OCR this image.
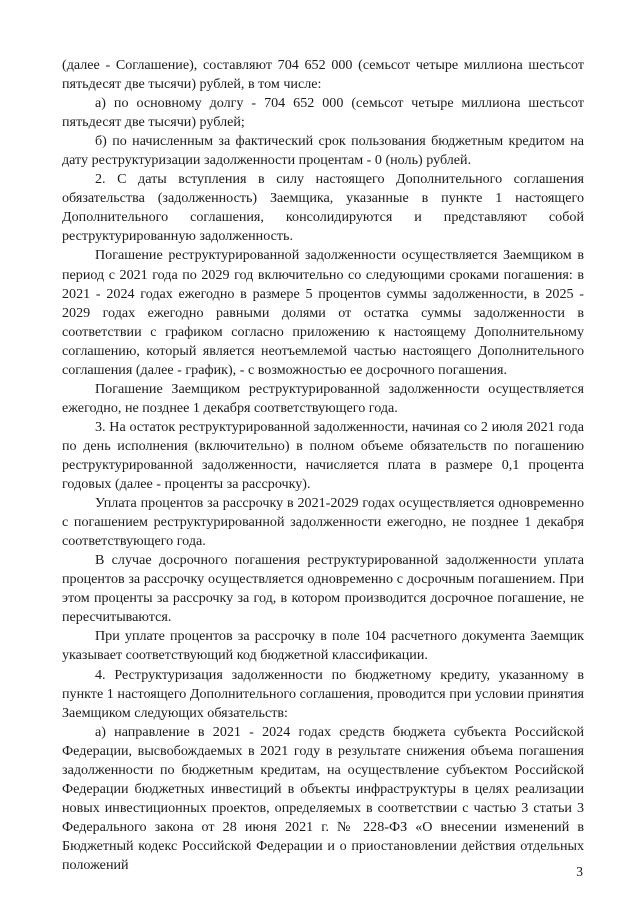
(далее - Соглашение), составляют 704 652 000 (семьсот четыре миллиона шестьсот пятьдесят две тысячи) рублей, в том числе:

а) по основному долгу - 704 652 000 (семьсот четыре миллиона шестьсот пятьдесят две тысячи) рублей;

б) по начисленным за фактический срок пользования бюджетным кредитом на дату реструктуризации задолженности процентам - 0 (ноль) рублей.

2. С даты вступления в силу настоящего Дополнительного соглашения обязательства (задолженность) Заемщика, указанные в пункте 1 настоящего Дополнительного соглашения, консолидируются и представляют собой реструктурированную задолженность.

Погашение реструктурированной задолженности осуществляется Заемщиком в период с 2021 года по 2029 год включительно со следующими сроками погашения: в 2021 - 2024 годах ежегодно в размере 5 процентов суммы задолженности, в 2025 - 2029 годах ежегодно равными долями от остатка суммы задолженности в соответствии с графиком согласно приложению к настоящему Дополнительному соглашению, который является неотъемлемой частью настоящего Дополнительного соглашения (далее - график), - с возможностью ее досрочного погашения.

Погашение Заемщиком реструктурированной задолженности осуществляется ежегодно, не позднее 1 декабря соответствующего года.

3. На остаток реструктурированной задолженности, начиная со 2 июля 2021 года по день исполнения (включительно) в полном объеме обязательств по погашению реструктурированной задолженности, начисляется плата в размере 0,1 процента годовых (далее - проценты за рассрочку).

Уплата процентов за рассрочку в 2021-2029 годах осуществляется одновременно с погашением реструктурированной задолженности ежегодно, не позднее 1 декабря соответствующего года.

В случае досрочного погашения реструктурированной задолженности уплата процентов за рассрочку осуществляется одновременно с досрочным погашением. При этом проценты за рассрочку за год, в котором производится досрочное погашение, не пересчитываются.

При уплате процентов за рассрочку в поле 104 расчетного документа Заемщик указывает соответствующий код бюджетной классификации.

4. Реструктуризация задолженности по бюджетному кредиту, указанному в пункте 1 настоящего Дополнительного соглашения, проводится при условии принятия Заемщиком следующих обязательств:

а) направление в 2021 - 2024 годах средств бюджета субъекта Российской Федерации, высвобождаемых в 2021 году в результате снижения объема погашения задолженности по бюджетным кредитам, на осуществление субъектом Российской Федерации бюджетных инвестиций в объекты инфраструктуры в целях реализации новых инвестиционных проектов, определяемых в соответствии с частью 3 статьи 3 Федерального закона от 28 июня 2021 г. № 228-ФЗ «О внесении изменений в Бюджетный кодекс Российской Федерации и о приостановлении действия отдельных положений	3
